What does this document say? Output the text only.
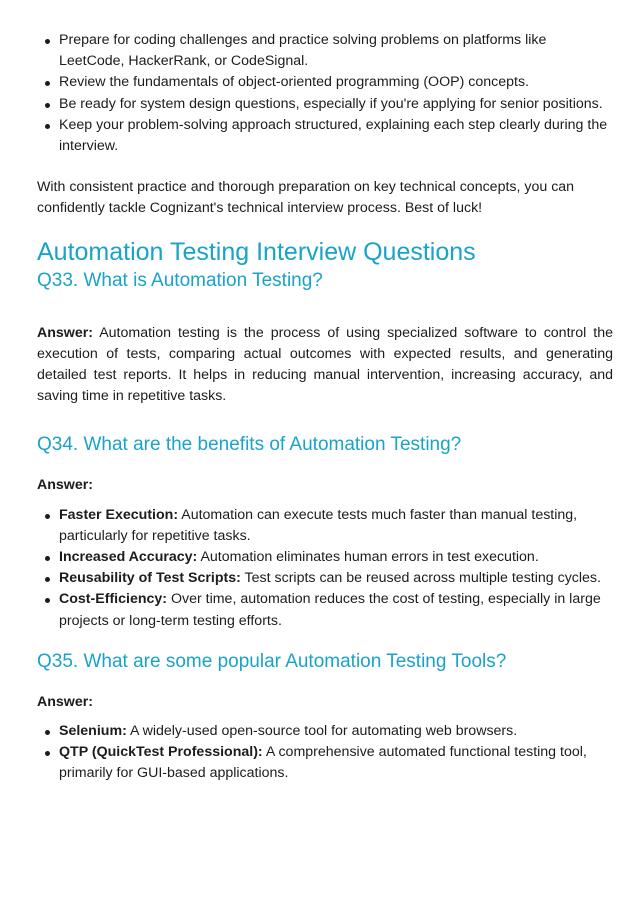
Prepare for coding challenges and practice solving problems on platforms like LeetCode, HackerRank, or CodeSignal.
Review the fundamentals of object-oriented programming (OOP) concepts.
Be ready for system design questions, especially if you're applying for senior positions.
Keep your problem-solving approach structured, explaining each step clearly during the interview.

With consistent practice and thorough preparation on key technical concepts, you can confidently tackle Cognizant's technical interview process. Best of luck!

Automation Testing Interview Questions
Q33. What is Automation Testing?

Answer: Automation testing is the process of using specialized software to control the execution of tests, comparing actual outcomes with expected results, and generating detailed test reports. It helps in reducing manual intervention, increasing accuracy, and saving time in repetitive tasks.

Q34. What are the benefits of Automation Testing?

Answer:

Faster Execution: Automation can execute tests much faster than manual testing, particularly for repetitive tasks.
Increased Accuracy: Automation eliminates human errors in test execution.
Reusability of Test Scripts: Test scripts can be reused across multiple testing cycles.
Cost-Efficiency: Over time, automation reduces the cost of testing, especially in large projects or long-term testing efforts.
Q35. What are some popular Automation Testing Tools?

Answer:

Selenium: A widely-used open-source tool for automating web browsers.
QTP (QuickTest Professional): A comprehensive automated functional testing tool, primarily for GUI-based applications.
